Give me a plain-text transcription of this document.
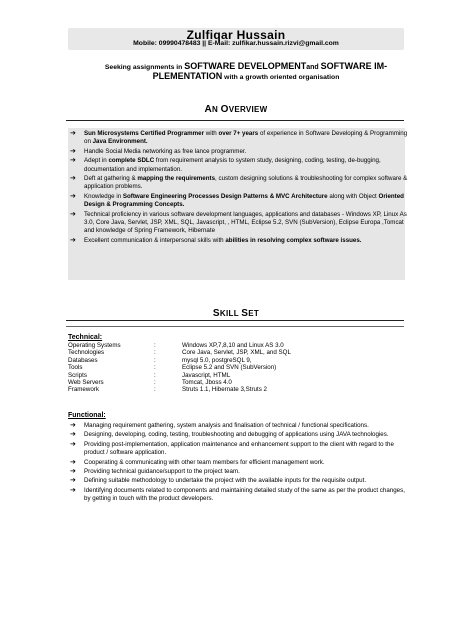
Zulfiqar Hussain
Mobile: 09990478483 || E-Mail: zulfikar.hussain.rizvi@gmail.com
Seeking assignments in SOFTWARE DEVELOPMENTand SOFTWARE IM-PLEMENTATION with a growth oriented organisation
AN OVERVIEW
➔ Sun Microsystems Certified Programmer with over 7+ years of experience in Software Developing & Programming on Java Environment.
➔ Handle Social Media networking as free lance programmer.
➔ Adept in complete SDLC from requirement analysis to system study, designing, coding, testing, de-bugging, documentation and implementation.
➔ Deft at gathering & mapping the requirements, custom designing solutions & troubleshooting for complex software & application problems.
➔ Knowledge in Software Engineering Processes Design Patterns & MVC Architecture along with Object Oriented Design & Programming Concepts.
➔ Technical proficiency in various software development languages, applications and databases - Windows XP, Linux As 3.0, Core Java, Servlet, JSP, XML, SQL, Javascript, , HTML, Eclipse 5.2, SVN (SubVersion), Eclipse Europa ,Tomcat and knowledge of Spring Framework, Hibernate
➔ Excellent communication & interpersonal skills with abilities in resolving complex software issues.
SKILL SET
Technical:
Operating Systems	:	Windows XP,7,8,10 and Linux AS 3.0
Technologies	:	Core Java, Servlet, JSP, XML, and SQL
Databases	:	mysql 5.0, postgreSQL 9,
Tools	:	Eclipse 5.2 and SVN (SubVersion)
Scripts	:	Javascript, HTML
Web Servers	:	Tomcat, Jboss 4.0
Framework	:	Struts 1.1, Hibernate 3,Struts 2
Functional:
➔ Managing requirement gathering, system analysis and finalisation of technical / functional specifications.
➔ Designing, developing, coding, testing, troubleshooting and debugging of applications using JAVA technologies.
➔ Providing post-implementation, application maintenance and enhancement support to the client with regard to the product / software application.
➔ Cooperating & communicating with other team members for efficient management work.
➔ Providing technical guidance/support to the project team.
➔ Defining suitable methodology to undertake the project with the available inputs for the requisite output.
➔ Identifying documents related to components and maintaining detailed study of the same as per the product changes, by getting in touch with the product developers.
